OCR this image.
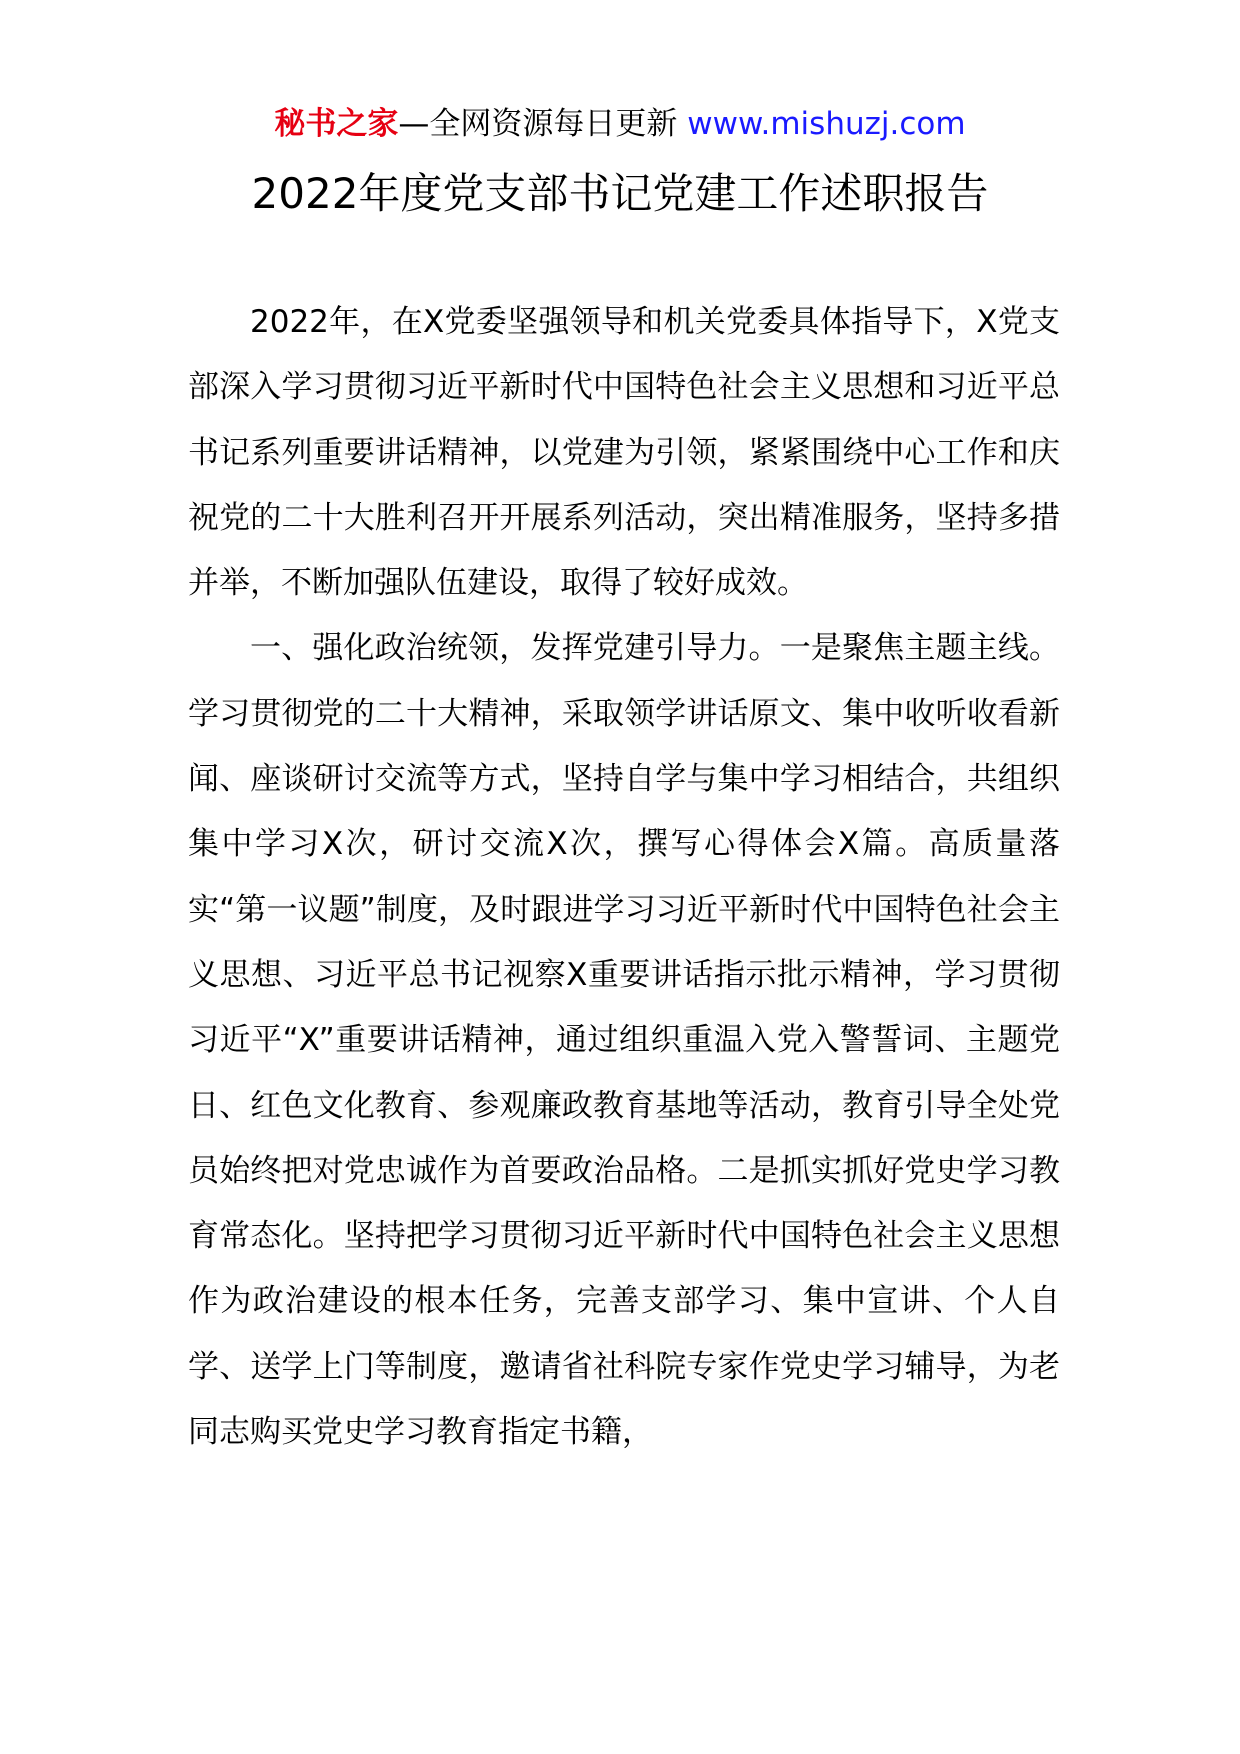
秘书之家—全网资源每日更新 www.mishuzj.com
2022年度党支部书记党建工作述职报告

2022年，在X党委坚强领导和机关党委具体指导下，X党支部深入学习贯彻习近平新时代中国特色社会主义思想和习近平总书记系列重要讲话精神，以党建为引领，紧紧围绕中心工作和庆祝党的二十大胜利召开开展系列活动，突出精准服务，坚持多措并举，不断加强队伍建设，取得了较好成效。

一、强化政治统领，发挥党建引导力。一是聚焦主题主线。学习贯彻党的二十大精神，采取领学讲话原文、集中收听收看新闻、座谈研讨交流等方式，坚持自学与集中学习相结合，共组织集中学习X次，研讨交流X次，撰写心得体会X篇。高质量落实“第一议题”制度，及时跟进学习习近平新时代中国特色社会主义思想、习近平总书记视察X重要讲话指示批示精神，学习贯彻习近平“X”重要讲话精神，通过组织重温入党入警誓词、主题党日、红色文化教育、参观廉政教育基地等活动，教育引导全处党员始终把对党忠诚作为首要政治品格。二是抓实抓好党史学习教育常态化。坚持把学习贯彻习近平新时代中国特色社会主义思想作为政治建设的根本任务，完善支部学习、集中宣讲、个人自学、送学上门等制度，邀请省社科院专家作党史学习辅导，为老同志购买党史学习教育指定书籍，
